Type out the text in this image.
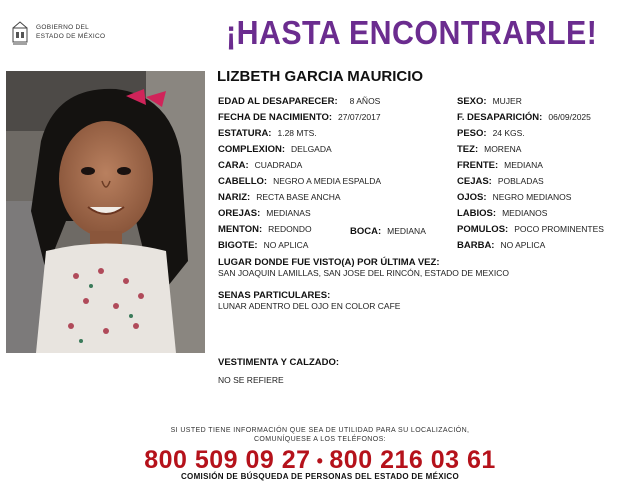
GOBIERNO DEL
ESTADO DE MÉXICO	¡HASTA ENCONTRARLE!
LIZBETH GARCIA MAURICIO
EDAD AL DESAPARECER: 8 AÑOS
FECHA DE NACIMIENTO: 27/07/2017
ESTATURA: 1.28 MTS.
COMPLEXION: DELGADA
CARA: CUADRADA
CABELLO: NEGRO A MEDIA ESPALDA
NARIZ: RECTA BASE ANCHA
OREJAS: MEDIANAS
MENTON: REDONDO
BIGOTE: NO APLICA
BOCA: MEDIANA
SEXO: MUJER
F. DESAPARICIÓN: 06/09/2025
PESO: 24 KGS.
TEZ: MORENA
FRENTE: MEDIANA
CEJAS: POBLADAS
OJOS: NEGRO MEDIANOS
LABIOS: MEDIANOS
POMULOS: POCO PROMINENTES
BARBA: NO APLICA
LUGAR DONDE FUE VISTO(A) POR ÚLTIMA VEZ:
SAN JOAQUIN LAMILLAS, SAN JOSE DEL RINCÓN, ESTADO DE MEXICO
SENAS PARTICULARES:
LUNAR ADENTRO DEL OJO EN COLOR CAFE
VESTIMENTA Y CALZADO:
NO SE REFIERE
SI USTED TIENE INFORMACIÓN QUE SEA DE UTILIDAD PARA SU LOCALIZACIÓN,
COMUNÍQUESE A LOS TELÉFONOS:
800 509 09 27 • 800 216 03 61
COMISIÓN DE BÚSQUEDA DE PERSONAS DEL ESTADO DE MÉXICO
